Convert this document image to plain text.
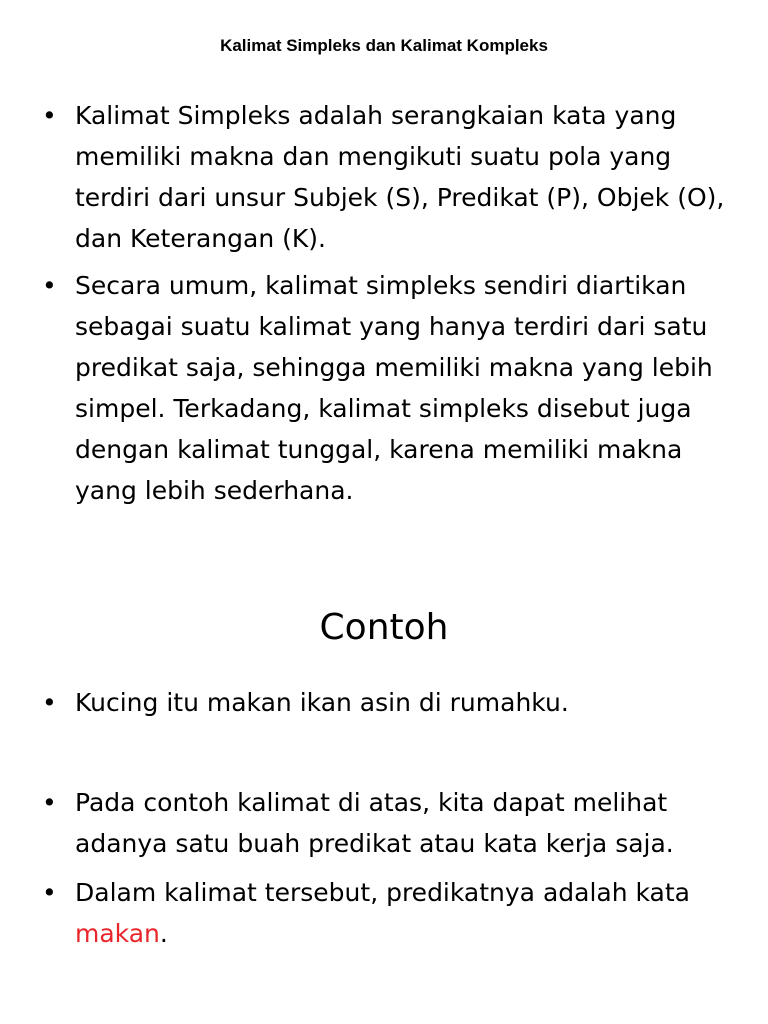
Kalimat Simpleks dan Kalimat Kompleks
• Kalimat Simpleks adalah serangkaian kata yang memiliki makna dan mengikuti suatu pola yang terdiri dari unsur Subjek (S), Predikat (P), Objek (O), dan Keterangan (K).
• Secara umum, kalimat simpleks sendiri diartikan sebagai suatu kalimat yang hanya terdiri dari satu predikat saja, sehingga memiliki makna yang lebih simpel. Terkadang, kalimat simpleks disebut juga dengan kalimat tunggal, karena memiliki makna yang lebih sederhana.
Contoh
• Kucing itu makan ikan asin di rumahku.
• Pada contoh kalimat di atas, kita dapat melihat adanya satu buah predikat atau kata kerja saja.
• Dalam kalimat tersebut, predikatnya adalah kata makan.
